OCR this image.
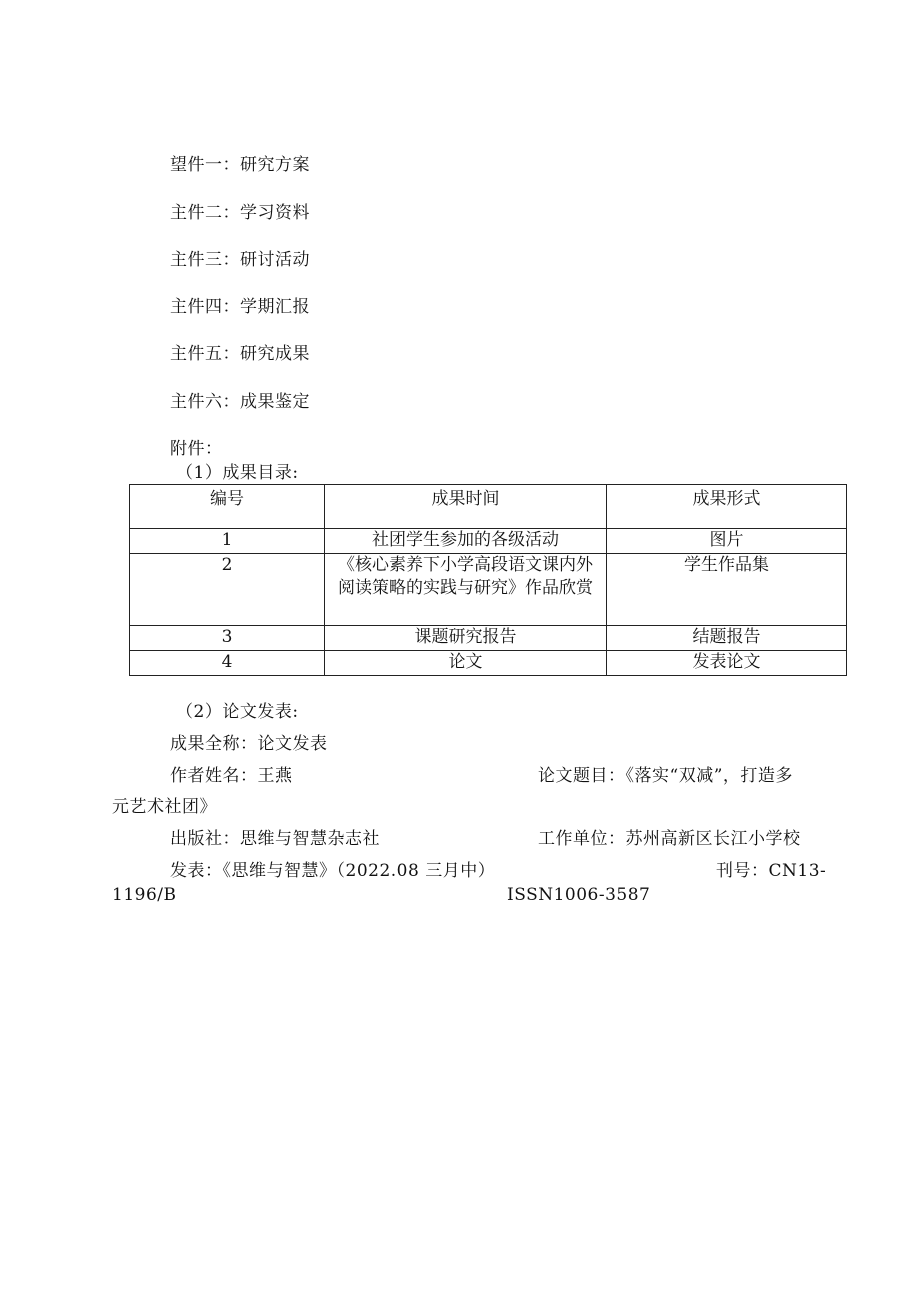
望件一：研究方案
主件二：学习资料
主件三：研讨活动
主件四：学期汇报
主件五：研究成果
主件六：成果鉴定
附件：
（1）成果目录:
编号	成果时间	成果形式
1	社团学生参加的各级活动	图片
2	《核心素养下小学高段语文课内外
阅读策略的实践与研究》作品欣赏	学生作品集
3	课题研究报告	结题报告
4	论文	发表论文
（2）论文发表:
成果全称：论文发表
作者姓名：王燕	论文题目：《落实“双减”，打造多
元艺术社团》
出版社：思维与智慧杂志社	工作单位：苏州高新区长江小学校
发表：《思维与智慧》（2022.08 三月中）	刊号：CN13-
1196/B	ISSN1006-3587
